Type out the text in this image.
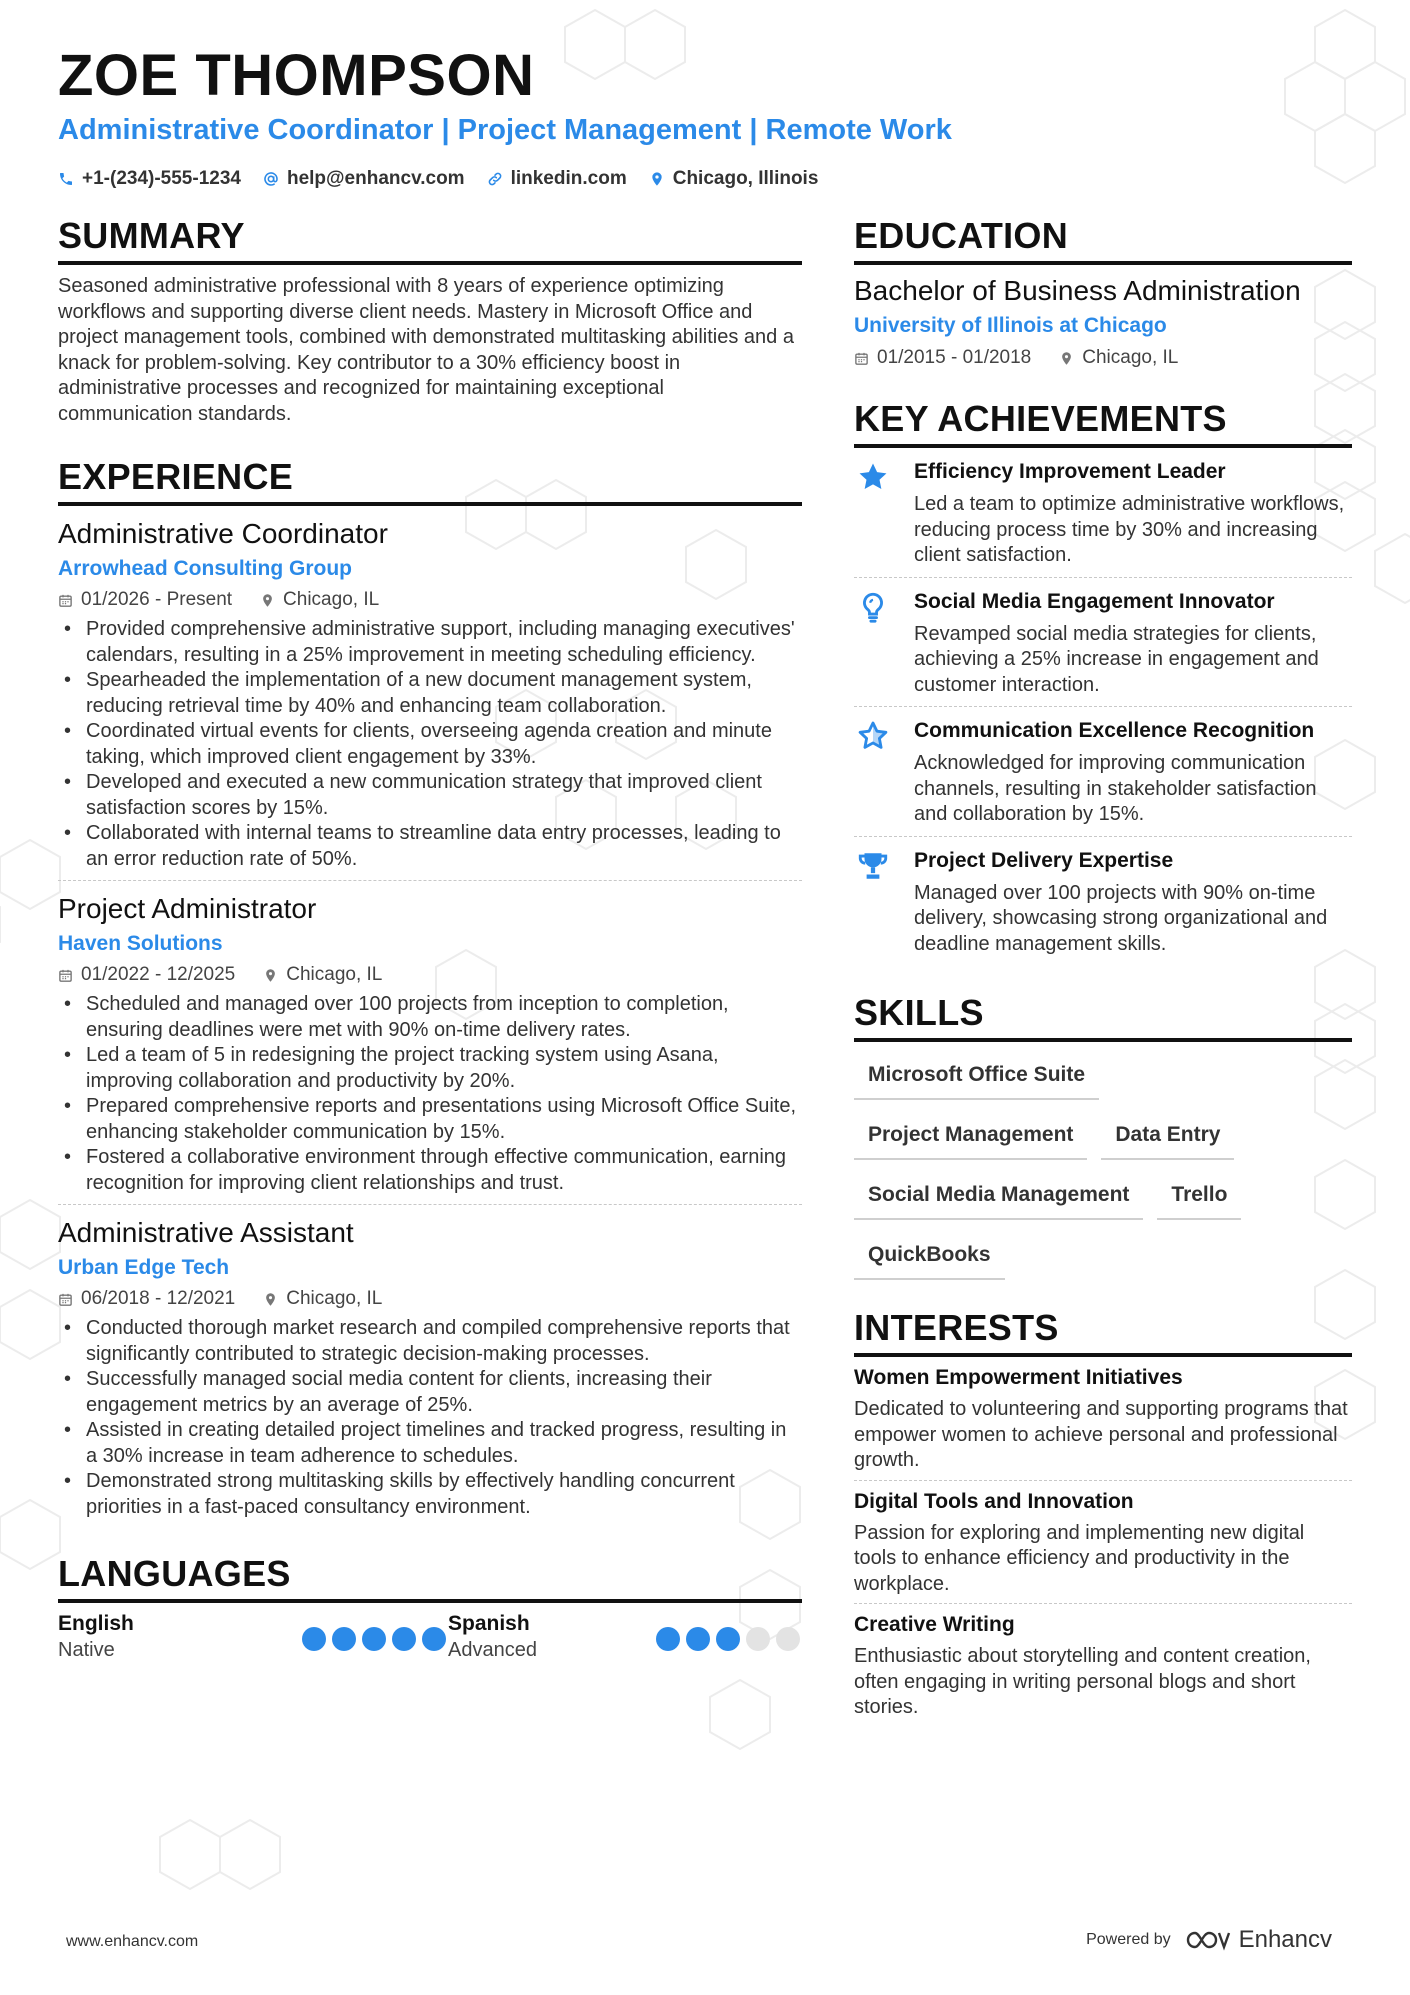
ZOE THOMPSON
Administrative Coordinator | Project Management | Remote Work
+1-(234)-555-1234 help@enhancv.com linkedin.com Chicago, Illinois
SUMMARY

Seasoned administrative professional with 8 years of experience optimizing workflows and supporting diverse client needs. Mastery in Microsoft Office and project management tools, combined with demonstrated multitasking abilities and a knack for problem-solving. Key contributor to a 30% efficiency boost in administrative processes and recognized for maintaining exceptional communication standards.

EXPERIENCE
Administrative Coordinator
Arrowhead Consulting Group
01/2026 - Present	Chicago, IL
• Provided comprehensive administrative support, including managing executives' calendars, resulting in a 25% improvement in meeting scheduling efficiency.
• Spearheaded the implementation of a new document management system, reducing retrieval time by 40% and enhancing team collaboration.
• Coordinated virtual events for clients, overseeing agenda creation and minute taking, which improved client engagement by 33%.
• Developed and executed a new communication strategy that improved client satisfaction scores by 15%.
• Collaborated with internal teams to streamline data entry processes, leading to an error reduction rate of 50%.
Project Administrator
Haven Solutions
01/2022 - 12/2025	Chicago, IL
• Scheduled and managed over 100 projects from inception to completion, ensuring deadlines were met with 90% on-time delivery rates.
• Led a team of 5 in redesigning the project tracking system using Asana, improving collaboration and productivity by 20%.
• Prepared comprehensive reports and presentations using Microsoft Office Suite, enhancing stakeholder communication by 15%.
• Fostered a collaborative environment through effective communication, earning recognition for improving client relationships and trust.
Administrative Assistant
Urban Edge Tech
06/2018 - 12/2021	Chicago, IL
• Conducted thorough market research and compiled comprehensive reports that significantly contributed to strategic decision-making processes.
• Successfully managed social media content for clients, increasing their engagement metrics by an average of 25%.
• Assisted in creating detailed project timelines and tracked progress, resulting in a 30% increase in team adherence to schedules.
• Demonstrated strong multitasking skills by effectively handling concurrent priorities in a fast-paced consultancy environment.
LANGUAGES
English
Native
Spanish
Advanced
EDUCATION
Bachelor of Business Administration
University of Illinois at Chicago
01/2015 - 01/2018	Chicago, IL
KEY ACHIEVEMENTS
Efficiency Improvement Leader
Led a team to optimize administrative workflows, reducing process time by 30% and increasing client satisfaction.
Social Media Engagement Innovator
Revamped social media strategies for clients, achieving a 25% increase in engagement and customer interaction.
Communication Excellence Recognition
Acknowledged for improving communication channels, resulting in stakeholder satisfaction and collaboration by 15%.
Project Delivery Expertise
Managed over 100 projects with 90% on-time delivery, showcasing strong organizational and deadline management skills.
SKILLS
Microsoft Office Suite
Project Management	Data Entry
Social Media Management	Trello
QuickBooks
INTERESTS
Women Empowerment Initiatives
Dedicated to volunteering and supporting programs that empower women to achieve personal and professional growth.
Digital Tools and Innovation
Passion for exploring and implementing new digital tools to enhance efficiency and productivity in the workplace.
Creative Writing
Enthusiastic about storytelling and content creation, often engaging in writing personal blogs and short stories.
www.enhancv.com	Powered by	Enhancv
